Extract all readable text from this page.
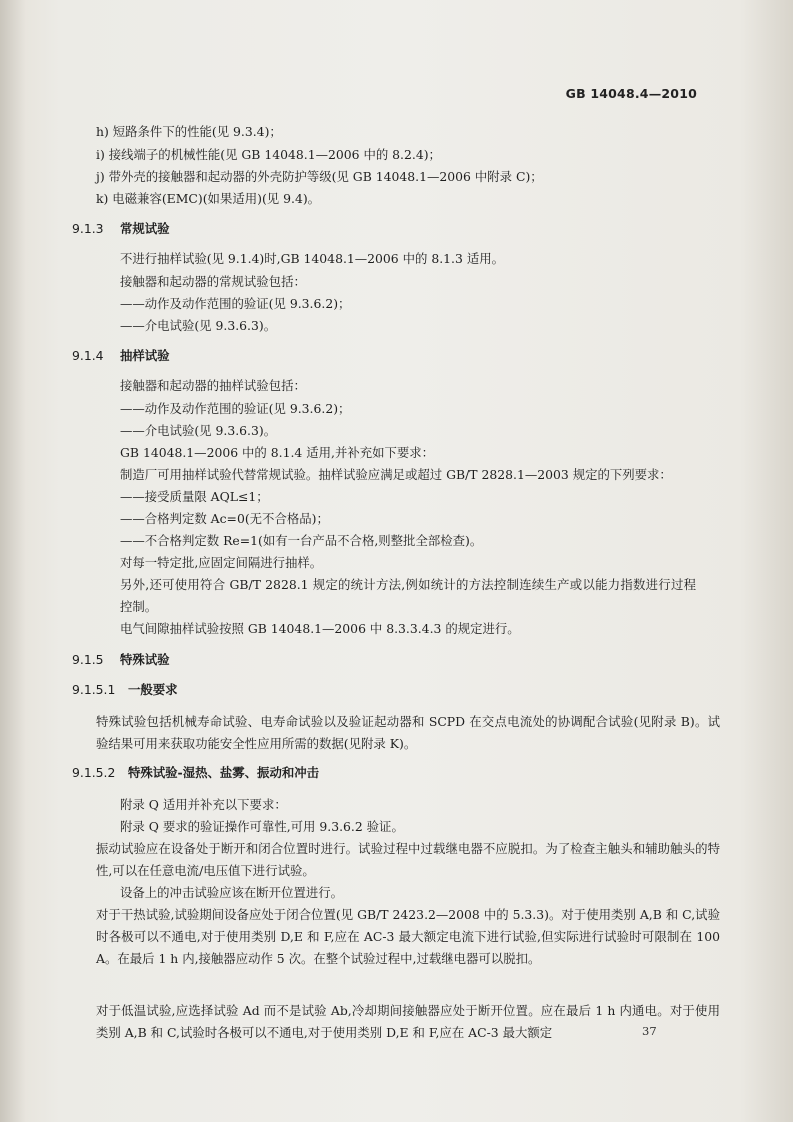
GB 14048.4—2010

h) 短路条件下的性能(见 9.3.4)；

i) 接线端子的机械性能(见 GB 14048.1—2006 中的 8.2.4)；

j) 带外壳的接触器和起动器的外壳防护等级(见 GB 14048.1—2006 中附录 C)；

k) 电磁兼容(EMC)(如果适用)(见 9.4)。

9.1.3 常规试验

不进行抽样试验(见 9.1.4)时,GB 14048.1—2006 中的 8.1.3 适用。

接触器和起动器的常规试验包括：

——动作及动作范围的验证(见 9.3.6.2)；

——介电试验(见 9.3.6.3)。

9.1.4 抽样试验

接触器和起动器的抽样试验包括：

——动作及动作范围的验证(见 9.3.6.2)；

——介电试验(见 9.3.6.3)。

GB 14048.1—2006 中的 8.1.4 适用,并补充如下要求：

制造厂可用抽样试验代替常规试验。抽样试验应满足或超过 GB/T 2828.1—2003 规定的下列要求：

——接受质量限 AQL≤1；

——合格判定数 Ac=0(无不合格品)；

——不合格判定数 Re=1(如有一台产品不合格,则整批全部检查)。

对每一特定批,应固定间隔进行抽样。

另外,还可使用符合 GB/T 2828.1 规定的统计方法,例如统计的方法控制连续生产或以能力指数进行过程控制。

电气间隙抽样试验按照 GB 14048.1—2006 中 8.3.3.4.3 的规定进行。

9.1.5 特殊试验
9.1.5.1 一般要求

特殊试验包括机械寿命试验、电寿命试验以及验证起动器和 SCPD 在交点电流处的协调配合试验(见附录 B)。试验结果可用来获取功能安全性应用所需的数据(见附录 K)。

9.1.5.2 特殊试验-湿热、盐雾、振动和冲击

附录 Q 适用并补充以下要求：

附录 Q 要求的验证操作可靠性,可用 9.3.6.2 验证。

振动试验应在设备处于断开和闭合位置时进行。试验过程中过载继电器不应脱扣。为了检查主触头和辅助触头的特性,可以在任意电流/电压值下进行试验。

设备上的冲击试验应该在断开位置进行。

对于干热试验,试验期间设备应处于闭合位置(见 GB/T 2423.2—2008 中的 5.3.3)。对于使用类别 A,B 和 C,试验时各极可以不通电,对于使用类别 D,E 和 F,应在 AC-3 最大额定电流下进行试验,但实际进行试验时可限制在 100 A。在最后 1 h 内,接触器应动作 5 次。在整个试验过程中,过载继电器可以脱扣。

对于低温试验,应选择试验 Ad 而不是试验 Ab,冷却期间接触器应处于断开位置。应在最后 1 h 内通电。对于使用类别 A,B 和 C,试验时各极可以不通电,对于使用类别 D,E 和 F,应在 AC-3 最大额定	37
